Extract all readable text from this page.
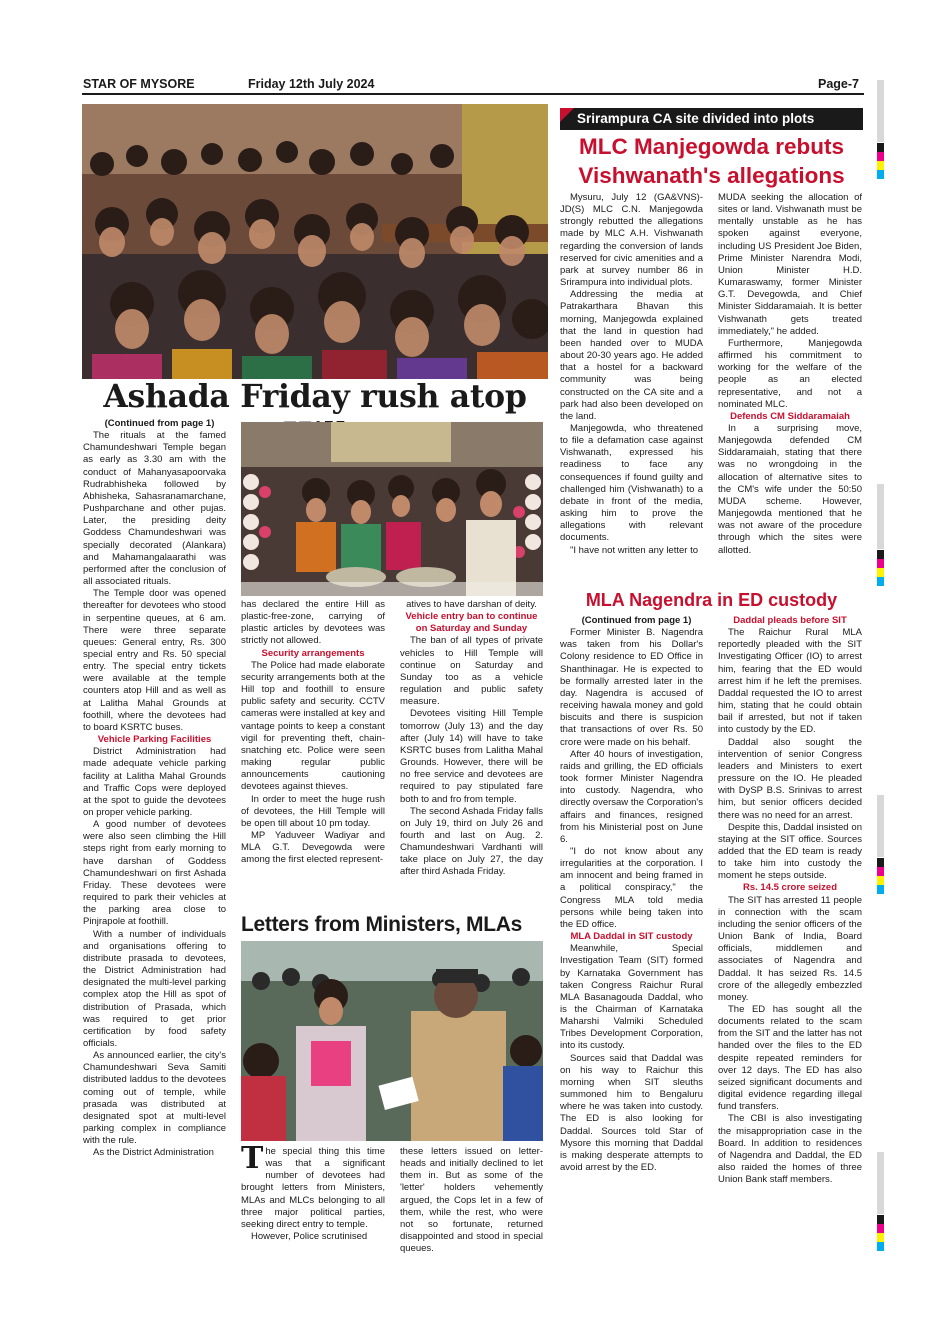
STAR OF MYSORE	Friday 12th July 2024	Page-7
Ashada Friday rush atop

(Continued from page 1)

The rituals at the famed Chamundeshwari Temple began as early as 3.30 am with the conduct of Mahanyasapoorvaka Rudrabhisheka followed by Abhisheka, Sahasranamarchane, Pushparchane and other pujas. Later, the presiding deity Goddess Chamundeshwari was specially decorated (Alankara) and Mahamangalaarathi was performed after the conclusion of all associated rituals.

The Temple door was opened thereafter for devotees who stood in serpentine queues, at 6 am. There were three separate queues: General entry, Rs. 300 special entry and Rs. 50 special entry. The special entry tickets were available at the temple counters atop Hill and as well as at Lalitha Mahal Grounds at foothill, where the devotees had to board KSRTC buses.

Vehicle Parking Facilities

District Administration had made adequate vehicle parking facility at Lalitha Mahal Grounds and Traffic Cops were deployed at the spot to guide the devotees on proper vehicle parking.

A good number of devotees were also seen climbing the Hill steps right from early morning to have darshan of Goddess Chamundeshwari on first Ashada Friday. These devotees were required to park their vehicles at the parking area close to Pinjrapole at foothill.

With a number of individuals and organisations offering to distribute prasada to devotees, the District Administration had designated the multi-level parking complex atop the Hill as spot of distribution of Prasada, which was required to get prior certification by food safety officials.

As announced earlier, the city's Chamundeshwari Seva Samiti distributed laddus to the devotees coming out of temple, while prasada was distributed at designated spot at multi-level parking complex in compliance with the rule.

As the District Administration

has declared the entire Hill as plastic-free-zone, carrying of plastic articles by devotees was strictly not allowed.

Security arrangements

The Police had made elaborate security arrangements both at the Hill top and foothill to ensure public safety and security. CCTV cameras were installed at key and vantage points to keep a constant vigil for preventing theft, chain-snatching etc. Police were seen making regular public announcements cautioning devotees against thieves.

In order to meet the huge rush of devotees, the Hill Temple will be open till about 10 pm today.

MP Yaduveer Wadiyar and MLA G.T. Devegowda were among the first elected represent-

atives to have darshan of deity.

Vehicle entry ban to continue on Saturday and Sunday

The ban of all types of private vehicles to Hill Temple will continue on Saturday and Sunday too as a vehicle regulation and public safety measure.

Devotees visiting Hill Temple tomorrow (July 13) and the day after (July 14) will have to take KSRTC buses from Lalitha Mahal Grounds. However, there will be no free service and devotees are required to pay stipulated fare both to and fro from temple.

The second Ashada Friday falls on July 19, third on July 26 and fourth and last on Aug. 2. Chamundeshwari Vardhanti will take place on July 27, the day after third Ashada Friday.

Letters from Ministers, MLAs

The special thing this time was that a significant number of devotees had brought letters from Ministers, MLAs and MLCs belonging to all three major political parties, seeking direct entry to temple.

However, Police scrutinised

these letters issued on letter-heads and initially declined to let them in. But as some of the 'letter' holders vehemently argued, the Cops let in a few of them, while the rest, who were not so fortunate, returned disappointed and stood in special queues.

Srirampura CA site divided into plots
MLC Manjegowda rebuts
Vishwanath's allegations

Mysuru, July 12 (GA&VNS)- JD(S) MLC C.N. Manjegowda strongly rebutted the allegations made by MLC A.H. Vishwanath regarding the conversion of lands reserved for civic amenities and a park at survey number 86 in Srirampura into individual plots.

Addressing the media at Patrakarthara Bhavan this morning, Manjegowda explained that the land in question had been handed over to MUDA about 20-30 years ago. He added that a hostel for a backward community was being constructed on the CA site and a park had also been developed on the land.

Manjegowda, who threatened to file a defamation case against Vishwanath, expressed his readiness to face any consequences if found guilty and challenged him (Vishwanath) to a debate in front of the media, asking him to prove the allegations with relevant documents.

"I have not written any letter to

MUDA seeking the allocation of sites or land. Vishwanath must be mentally unstable as he has spoken against everyone, including US President Joe Biden, Prime Minister Narendra Modi, Union Minister H.D. Kumaraswamy, former Minister G.T. Devegowda, and Chief Minister Siddaramaiah. It is better Vishwanath gets treated immediately," he added.

Furthermore, Manjegowda affirmed his commitment to working for the welfare of the people as an elected representative, and not a nominated MLC.

Defends CM Siddaramaiah

In a surprising move, Manjegowda defended CM Siddaramaiah, stating that there was no wrongdoing in the allocation of alternative sites to the CM's wife under the 50:50 MUDA scheme. However, Manjegowda mentioned that he was not aware of the procedure through which the sites were allotted.

MLA Nagendra in ED custody

(Continued from page 1)

Former Minister B. Nagendra was taken from his Dollar's Colony residence to ED Office in Shanthinagar. He is expected to be formally arrested later in the day. Nagendra is accused of receiving hawala money and gold biscuits and there is suspicion that transactions of over Rs. 50 crore were made on his behalf.

After 40 hours of investigation, raids and grilling, the ED officials took former Minister Nagendra into custody. Nagendra, who directly oversaw the Corporation's affairs and finances, resigned from his Ministerial post on June 6.

"I do not know about any irregularities at the corporation. I am innocent and being framed in a political conspiracy," the Congress MLA told media persons while being taken into the ED office.

MLA Daddal in SIT custody

Meanwhile, Special Investigation Team (SIT) formed by Karnataka Government has taken Congress Raichur Rural MLA Basanagouda Daddal, who is the Chairman of Karnataka Maharshi Valmiki Scheduled Tribes Development Corporation, into its custody.

Sources said that Daddal was on his way to Raichur this morning when SIT sleuths summoned him to Bengaluru where he was taken into custody. The ED is also looking for Daddal. Sources told Star of Mysore this morning that Daddal is making desperate attempts to avoid arrest by the ED.

Daddal pleads before SIT

The Raichur Rural MLA reportedly pleaded with the SIT Investigating Officer (IO) to arrest him, fearing that the ED would arrest him if he left the premises. Daddal requested the IO to arrest him, stating that he could obtain bail if arrested, but not if taken into custody by the ED.

Daddal also sought the intervention of senior Congress leaders and Ministers to exert pressure on the IO. He pleaded with DySP B.S. Srinivas to arrest him, but senior officers decided there was no need for an arrest.

Despite this, Daddal insisted on staying at the SIT office. Sources added that the ED team is ready to take him into custody the moment he steps outside.

Rs. 14.5 crore seized

The SIT has arrested 11 people in connection with the scam including the senior officers of the Union Bank of India, Board officials, middlemen and associates of Nagendra and Daddal. It has seized Rs. 14.5 crore of the allegedly embezzled money.

The ED has sought all the documents related to the scam from the SIT and the latter has not handed over the files to the ED despite repeated reminders for over 12 days. The ED has also seized significant documents and digital evidence regarding illegal fund transfers.

The CBI is also investigating the misappropriation case in the Board. In addition to residences of Nagendra and Daddal, the ED also raided the homes of three Union Bank staff members.
